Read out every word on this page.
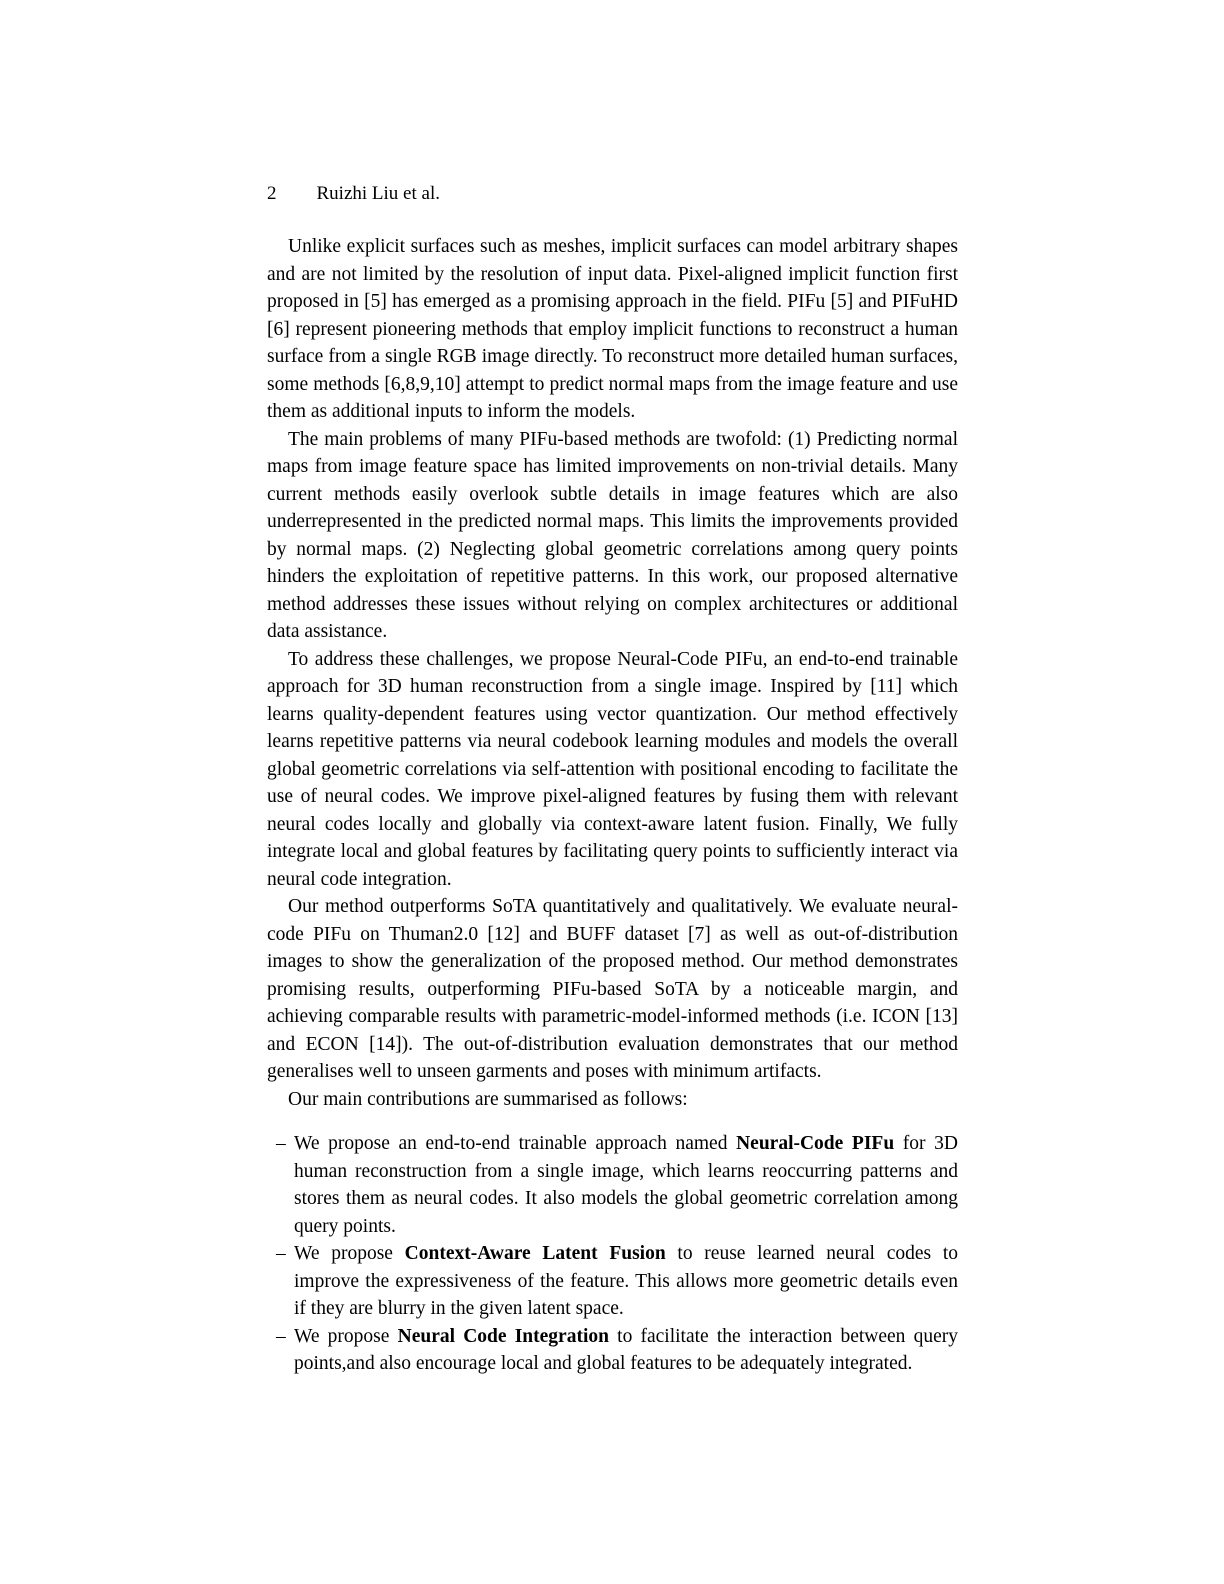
2 Ruizhi Liu et al.

Unlike explicit surfaces such as meshes, implicit surfaces can model arbitrary shapes and are not limited by the resolution of input data. Pixel-aligned implicit function first proposed in [5] has emerged as a promising approach in the field. PIFu [5] and PIFuHD [6] represent pioneering methods that employ implicit functions to reconstruct a human surface from a single RGB image directly. To reconstruct more detailed human surfaces, some methods [6,8,9,10] attempt to predict normal maps from the image feature and use them as additional inputs to inform the models.

The main problems of many PIFu-based methods are twofold: (1) Predicting normal maps from image feature space has limited improvements on non-trivial details. Many current methods easily overlook subtle details in image features which are also underrepresented in the predicted normal maps. This limits the improvements provided by normal maps. (2) Neglecting global geometric correlations among query points hinders the exploitation of repetitive patterns. In this work, our proposed alternative method addresses these issues without relying on complex architectures or additional data assistance.

To address these challenges, we propose Neural-Code PIFu, an end-to-end trainable approach for 3D human reconstruction from a single image. Inspired by [11] which learns quality-dependent features using vector quantization. Our method effectively learns repetitive patterns via neural codebook learning modules and models the overall global geometric correlations via self-attention with positional encoding to facilitate the use of neural codes. We improve pixel-aligned features by fusing them with relevant neural codes locally and globally via context-aware latent fusion. Finally, We fully integrate local and global features by facilitating query points to sufficiently interact via neural code integration.

Our method outperforms SoTA quantitatively and qualitatively. We evaluate neural-code PIFu on Thuman2.0 [12] and BUFF dataset [7] as well as out-of-distribution images to show the generalization of the proposed method. Our method demonstrates promising results, outperforming PIFu-based SoTA by a noticeable margin, and achieving comparable results with parametric-model-informed methods (i.e. ICON [13] and ECON [14]). The out-of-distribution evaluation demonstrates that our method generalises well to unseen garments and poses with minimum artifacts.

Our main contributions are summarised as follows:

– We propose an end-to-end trainable approach named Neural-Code PIFu for 3D human reconstruction from a single image, which learns reoccurring patterns and stores them as neural codes. It also models the global geometric correlation among query points.
– We propose Context-Aware Latent Fusion to reuse learned neural codes to improve the expressiveness of the feature. This allows more geometric details even if they are blurry in the given latent space.
– We propose Neural Code Integration to facilitate the interaction between query points,and also encourage local and global features to be adequately integrated.
